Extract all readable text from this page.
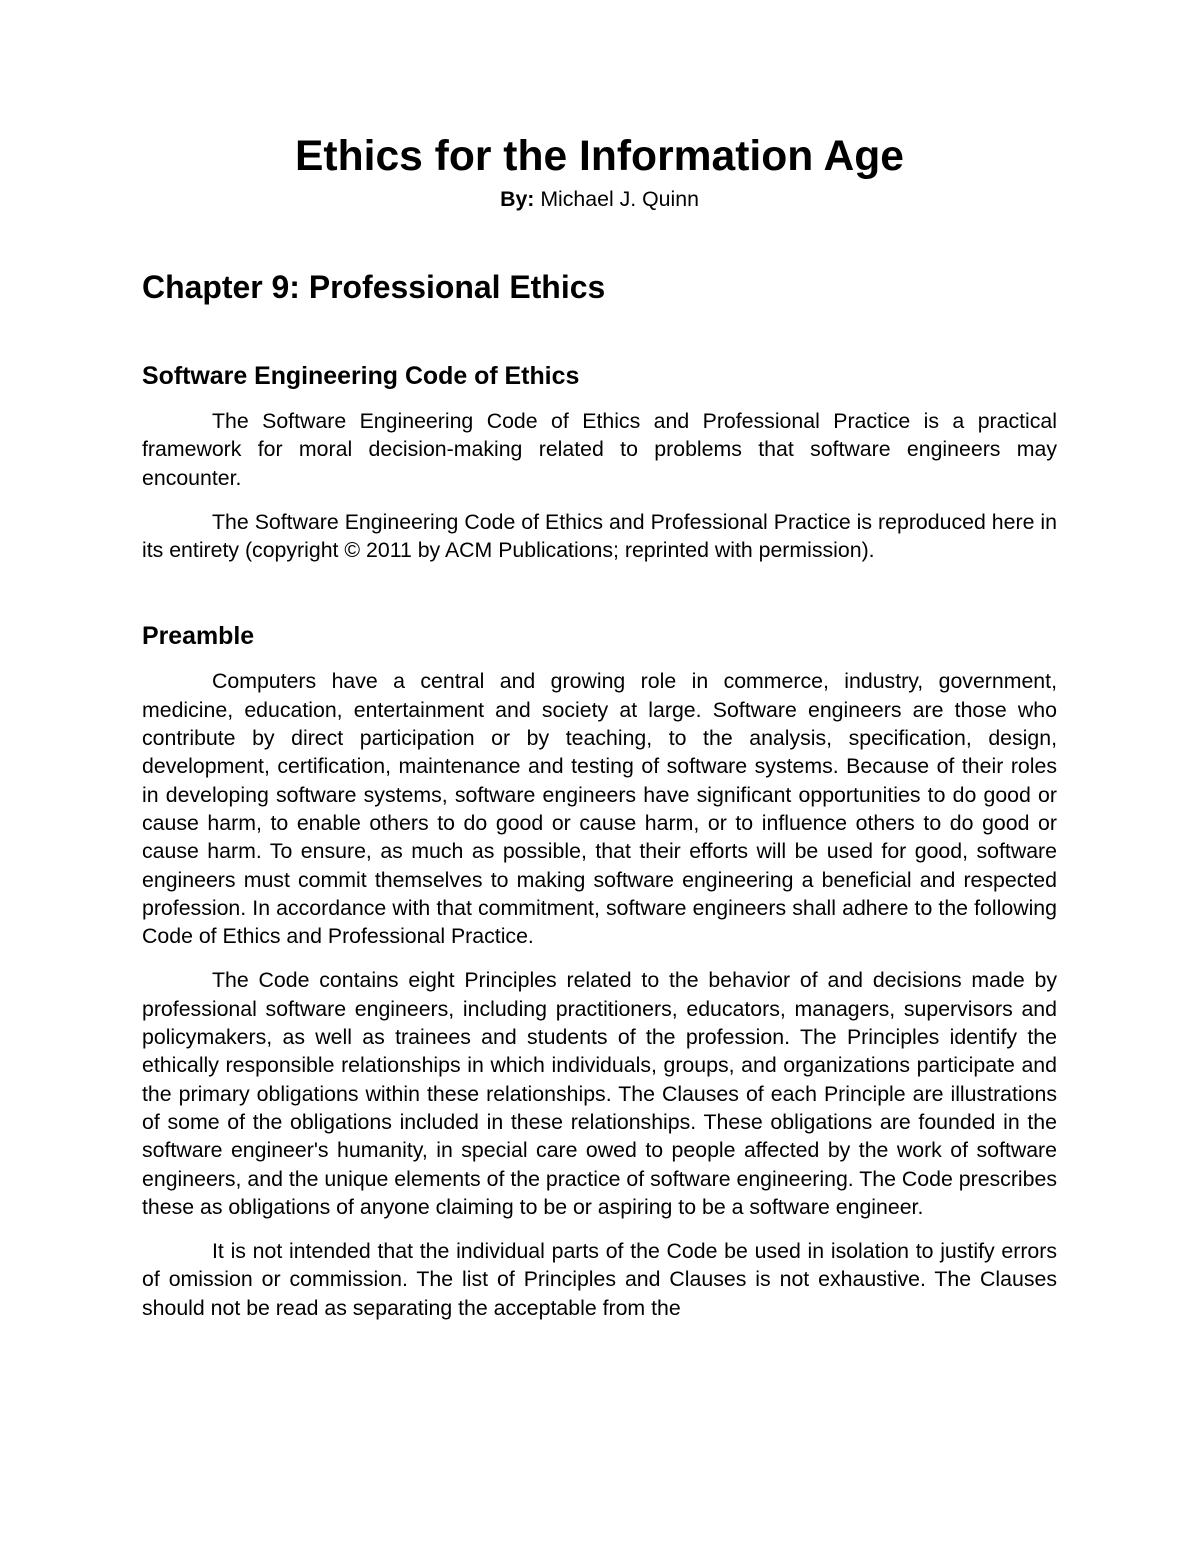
Ethics for the Information Age

By: Michael J. Quinn

Chapter 9: Professional Ethics
Software Engineering Code of Ethics

The Software Engineering Code of Ethics and Professional Practice is a practical framework for moral decision-making related to problems that software engineers may encounter.

The Software Engineering Code of Ethics and Professional Practice is reproduced here in its entirety (copyright © 2011 by ACM Publications; reprinted with permission).

Preamble

Computers have a central and growing role in commerce, industry, government, medicine, education, entertainment and society at large. Software engineers are those who contribute by direct participation or by teaching, to the analysis, specification, design, development, certification, maintenance and testing of software systems. Because of their roles in developing software systems, software engineers have significant opportunities to do good or cause harm, to enable others to do good or cause harm, or to influence others to do good or cause harm. To ensure, as much as possible, that their efforts will be used for good, software engineers must commit themselves to making software engineering a beneficial and respected profession. In accordance with that commitment, software engineers shall adhere to the following Code of Ethics and Professional Practice.

The Code contains eight Principles related to the behavior of and decisions made by professional software engineers, including practitioners, educators, managers, supervisors and policymakers, as well as trainees and students of the profession. The Principles identify the ethically responsible relationships in which individuals, groups, and organizations participate and the primary obligations within these relationships. The Clauses of each Principle are illustrations of some of the obligations included in these relationships. These obligations are founded in the software engineer's humanity, in special care owed to people affected by the work of software engineers, and the unique elements of the practice of software engineering. The Code prescribes these as obligations of anyone claiming to be or aspiring to be a software engineer.

It is not intended that the individual parts of the Code be used in isolation to justify errors of omission or commission. The list of Principles and Clauses is not exhaustive. The Clauses should not be read as separating the acceptable from the
